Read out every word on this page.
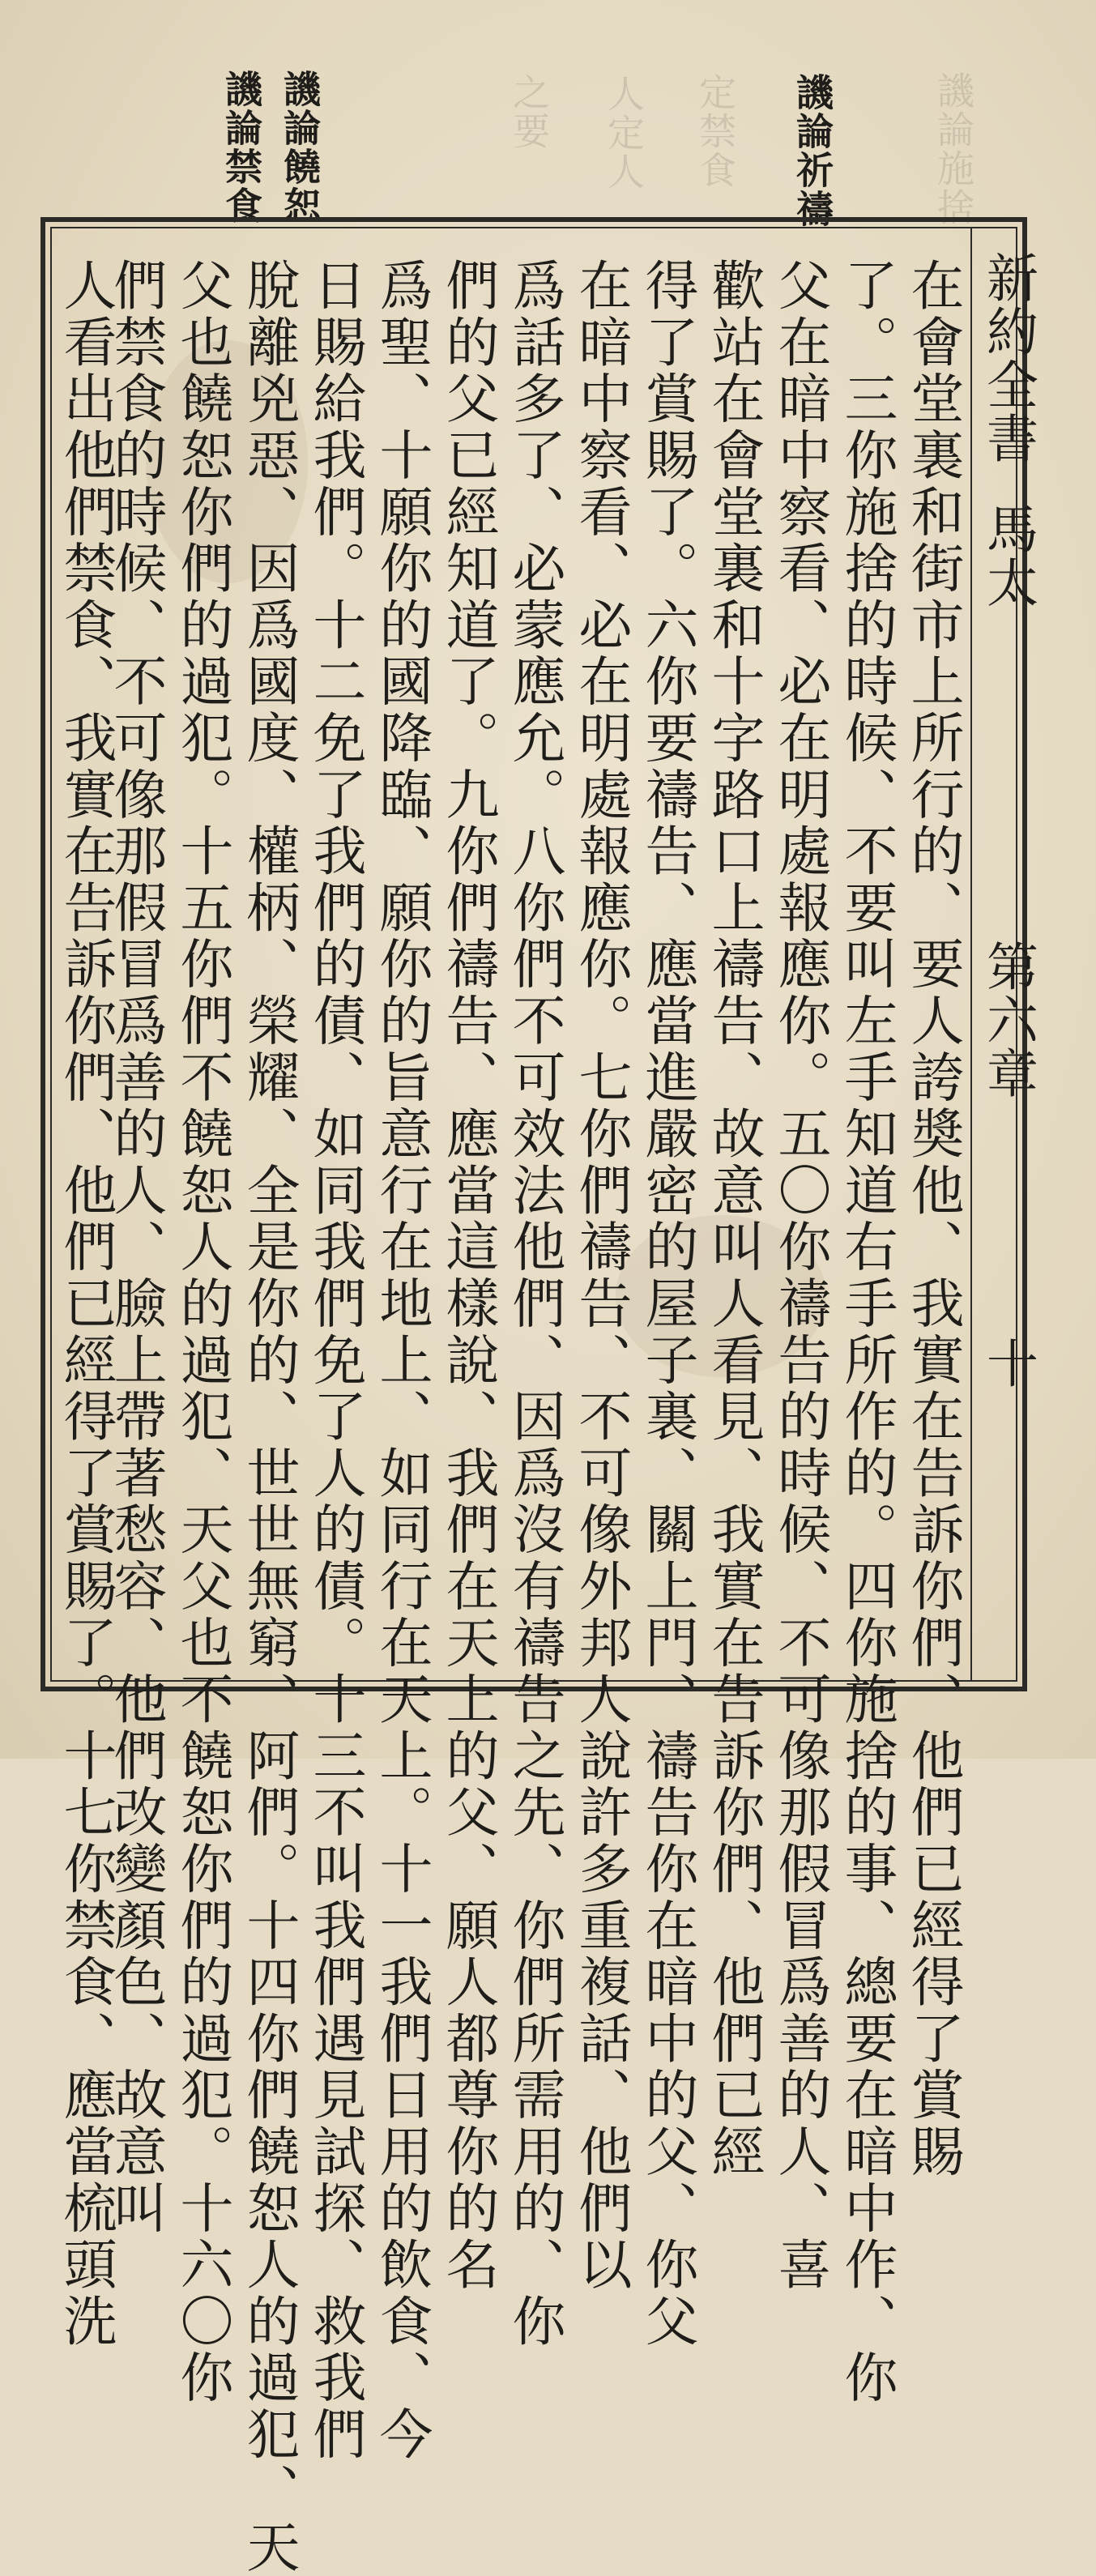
譏論施捨
譏論祈禱
定禁食
人定人
之要
譏論饒恕
譏論禁食
新約全書
馬太
第六章
十
在會堂裏和街市上所行的、要人誇奬他、我實在告訴你們、他們已經得了賞賜
了。三你施捨的時候、不要叫左手知道右手所作的。四你施捨的事、總要在暗中作、你
父在暗中察看、必在明處報應你。五〇你禱告的時候、不可像那假冒爲善的人、喜
歡站在會堂裏和十字路口上禱告、故意叫人看見、我實在告訴你們、他們已經
得了賞賜了。六你要禱告、應當進嚴密的屋子裏、關上門、禱告你在暗中的父、你父
在暗中察看、必在明處報應你。七你們禱告、不可像外邦人說許多重複話、他們以
爲話多了、必蒙應允。八你們不可效法他們、因爲沒有禱告之先、你們所需用的、你
們的父已經知道了。九你們禱告、應當這樣說、我們在天上的父、願人都尊你的名
爲聖、十願你的國降臨、願你的旨意行在地上、如同行在天上。十一我們日用的飲食、今
日賜給我們。十二免了我們的債、如同我們免了人的債。十三不叫我們遇見試探、救我們
脫離兇惡、因爲國度、權柄、榮耀、全是你的、世世無窮、阿們。十四你們饒恕人的過犯、天
父也饒恕你們的過犯。十五你們不饒恕人的過犯、天父也不饒恕你們的過犯。十六〇你
們禁食的時候、不可像那假冒爲善的人、臉上帶著愁容、他們改變顏色、故意叫
人看出他們禁食、我實在告訴你們、他們已經得了賞賜了。十七你禁食、應當梳頭洗
